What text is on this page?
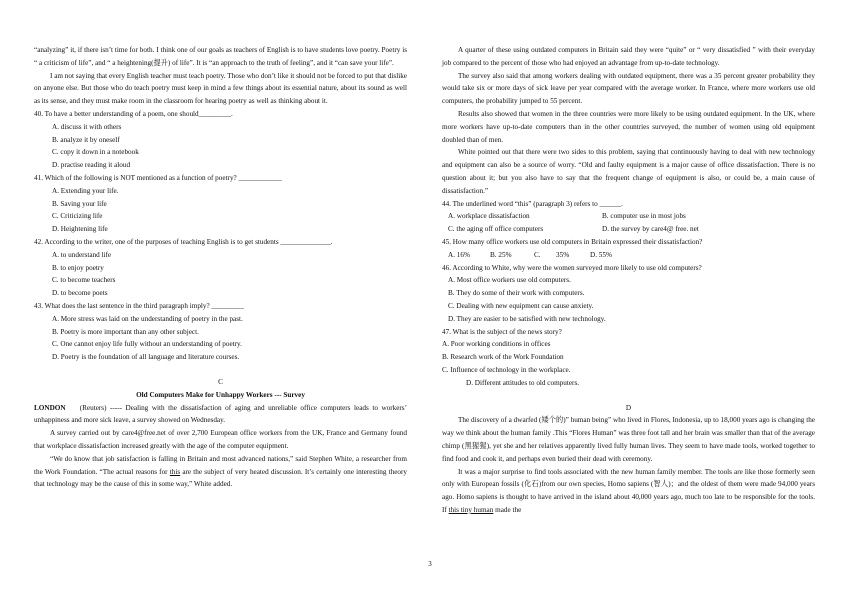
“analyzing” it, if there isn’t time for both. I think one of our goals as teachers of English is to have students love poetry. Poetry is “ a criticism of life”, and “ a heightening(提升) of life”. It is “an approach to the truth of feeling”, and it “can save your life”.

I am not saying that every English teacher must teach poetry. Those who don’t like it should not be forced to put that dislike on anyone else. But those who do teach poetry must keep in mind a few things about its essential nature, about its sound as well as its sense, and they must make room in the classroom for hearing poetry as well as thinking about it.

40. To have a better understanding of a poem, one should_________.

A. discuss it with others

B. analyze it by oneself

C. copy it down in a notebook

D. practise reading it aloud

41. Which of the following is NOT mentioned as a function of poetry? ____________

A. Extending your life.

B. Saving your life

C. Criticizing life

D. Heightening life

42. According to the writer, one of the purposes of teaching English is to get students ______________.

A. to understand life

B. to enjoy poetry

C. to become teachers

D. to become poets

43. What does the last sentence in the third paragraph imply? _________

A. More stress was laid on the understanding of poetry in the past.

B. Poetry is more important than any other subject.

C. One cannot enjoy life fully without an understanding of poetry.

D. Poetry is the foundation of all language and literature courses.

C

Old Computers Make for Unhappy Workers --- Survey

LONDON (Reuters) ----- Dealing with the dissatisfaction of aging and unreliable office computers leads to workers’ unhappiness and more sick leave, a survey showed on Wednesday.

A survey carried out by care4@free.net of over 2,700 European office workers from the UK, France and Germany found that workplace dissatisfaction increased greatly with the age of the computer equipment.

“We do know that job satisfaction is falling in Britain and most advanced nations,” said Stephen White, a researcher from the Work Foundation. “The actual reasons for this are the subject of very heated discussion. It’s certainly one interesting theory that technology may be the cause of this in some way,” White added.

A quarter of these using outdated computers in Britain said they were “quite” or “ very dissatisfied ” with their everyday job compared to the percent of those who had enjoyed an advantage from up-to-date technology.

The survey also said that among workers dealing with outdated equipment, there was a 35 percent greater probability they would take six or more days of sick leave per year compared with the average worker. In France, where more workers use old computers, the probability jumped to 55 percent.

Results also showed that women in the three countries were more likely to be using outdated equipment. In the UK, where more workers have up-to-date computers than in the other countries surveyed, the number of women using old equipment doubled than of men.

White pointed out that there were two sides to this problem, saying that continuously having to deal with new technology and equipment can also be a source of worry. “Old and faulty equipment is a major cause of office dissatisfaction. There is no question about it; but you also have to say that the frequent change of equipment is also, or could be, a main cause of dissatisfaction.”

44. The underlined word “this” (paragraph 3) refers to ______.

A. workplace dissatisfaction	B. computer use in most jobs
C. the aging off office computers	D. the survey by care4@ free. net

45. How many office workers use old computers in Britain expressed their dissatisfaction?

A. 16%	B. 25%	C.	35%	D. 55%

46. According to White, why were the women surveyed more likely to use old computers?

A. Most office workers use old computers.

B. They do some of their work with computers.

C. Dealing with new equipment can cause anxiety.

D. They are easier to be satisfied with new technology.

47. What is the subject of the news story?

A. Poor working conditions in offices

B. Research work of the Work Foundation

C. Influence of technology in the workplace.

D. Different attitudes to old computers.

D

The discovery of a dwarfed (矮个的)” human being” who lived in Flores, Indonesia, up to 18,000 years ago is changing the way we think about the human family .This “Flores Human” was three foot tall and her brain was smaller than that of the average chimp (黑猩猩), yet she and her relatives apparently lived fully human lives. They seem to have made tools, worked together to find food and cook it, and perhaps even buried their dead with ceremony.

It was a major surprise to find tools associated with the new human family member. The tools are like those formerly seen only with European fossils (化石)from our own species, Homo sapiens (智人)；and the oldest of them were made 94,000 years ago. Homo sapiens is thought to have arrived in the island about 40,000 years ago, much too late to be responsible for the tools. If this tiny human made the

3
